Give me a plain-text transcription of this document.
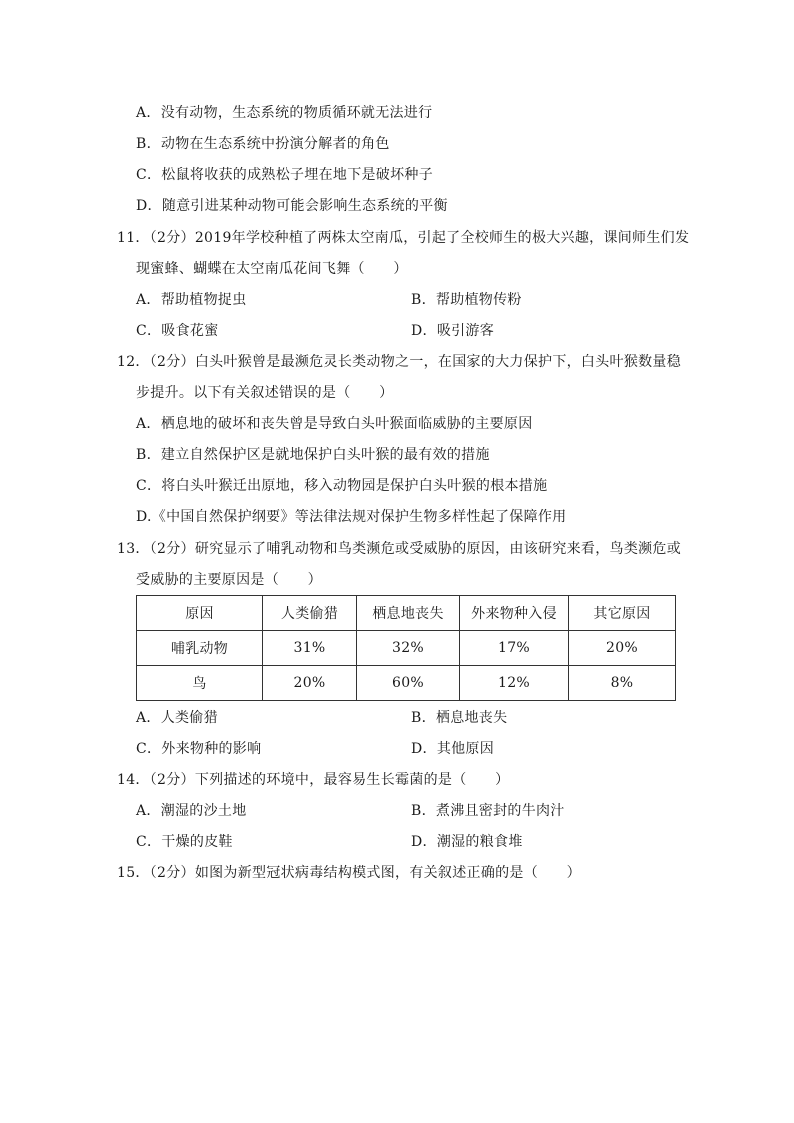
A．没有动物，生态系统的物质循环就无法进行
B．动物在生态系统中扮演分解者的角色
C．松鼠将收获的成熟松子埋在地下是破坏种子
D．随意引进某种动物可能会影响生态系统的平衡
11．（2分）2019年学校种植了两株太空南瓜，引起了全校师生的极大兴趣，课间师生们发
现蜜蜂、蝴蝶在太空南瓜花间飞舞（　　）
A．帮助植物捉虫	B．帮助植物传粉
C．吸食花蜜	D．吸引游客
12．（2分）白头叶猴曾是最濒危灵长类动物之一，在国家的大力保护下，白头叶猴数量稳
步提升。以下有关叙述错误的是（　　）
A．栖息地的破坏和丧失曾是导致白头叶猴面临威胁的主要原因
B．建立自然保护区是就地保护白头叶猴的最有效的措施
C．将白头叶猴迁出原地，移入动物园是保护白头叶猴的根本措施
D.《中国自然保护纲要》等法律法规对保护生物多样性起了保障作用
13．（2分）研究显示了哺乳动物和鸟类濒危或受威胁的原因，由该研究来看，鸟类濒危或
受威胁的主要原因是（　　）
原因	人类偷猎	栖息地丧失	外来物种入侵	其它原因
哺乳动物	31%	32%	17%	20%
鸟	20%	60%	12%	8%
A．人类偷猎	B．栖息地丧失
C．外来物种的影响	D．其他原因
14．（2分）下列描述的环境中，最容易生长霉菌的是（　　）
A．潮湿的沙土地	B．煮沸且密封的牛肉汁
C．干燥的皮鞋	D．潮湿的粮食堆
15．（2分）如图为新型冠状病毒结构模式图，有关叙述正确的是（　　）
